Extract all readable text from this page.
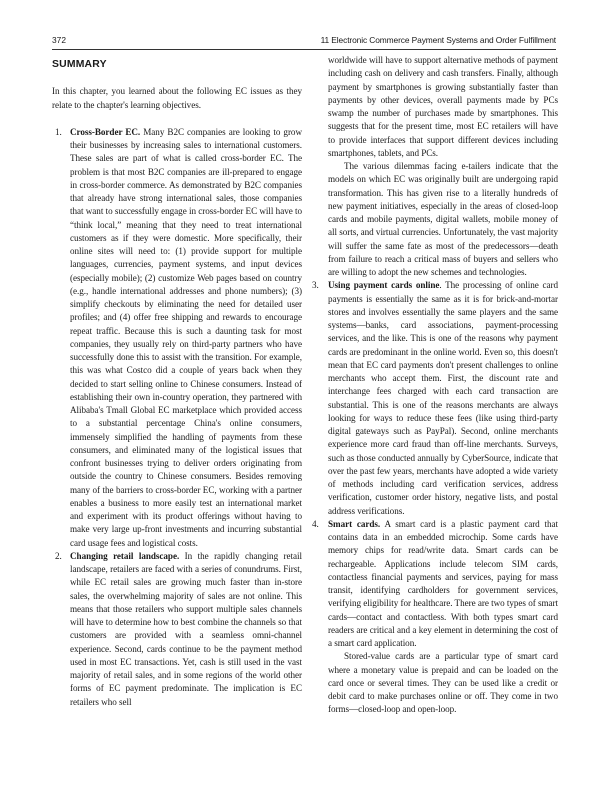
372	11 Electronic Commerce Payment Systems and Order Fulfillment
SUMMARY

In this chapter, you learned about the following EC issues as they relate to the chapter's learning objectives.

1. Cross-Border EC. Many B2C companies are looking to grow their businesses by increasing sales to international customers. These sales are part of what is called cross-border EC. The problem is that most B2C companies are ill-prepared to engage in cross-border commerce. As demonstrated by B2C companies that already have strong international sales, those companies that want to successfully engage in cross-border EC will have to “think local,” meaning that they need to treat international customers as if they were domestic. More specifically, their online sites will need to: (1) provide support for multiple languages, currencies, payment systems, and input devices (especially mobile); (2) customize Web pages based on country (e.g., handle international addresses and phone numbers); (3) simplify checkouts by eliminating the need for detailed user profiles; and (4) offer free shipping and rewards to encourage repeat traffic. Because this is such a daunting task for most companies, they usually rely on third-party partners who have successfully done this to assist with the transition. For example, this was what Costco did a couple of years back when they decided to start selling online to Chinese consumers. Instead of establishing their own in-country operation, they partnered with Alibaba's Tmall Global EC marketplace which provided access to a substantial percentage China's online consumers, immensely simplified the handling of payments from these consumers, and eliminated many of the logistical issues that confront businesses trying to deliver orders originating from outside the country to Chinese consumers. Besides removing many of the barriers to cross-border EC, working with a partner enables a business to more easily test an international market and experiment with its product offerings without having to make very large up-front investments and incurring substantial card usage fees and logistical costs.

2. Changing retail landscape. In the rapidly changing retail landscape, retailers are faced with a series of conundrums. First, while EC retail sales are growing much faster than in-store sales, the overwhelming majority of sales are not online. This means that those retailers who support multiple sales channels will have to determine how to best combine the channels so that customers are provided with a seamless omni-channel experience. Second, cards continue to be the payment method used in most EC transactions. Yet, cash is still used in the vast majority of retail sales, and in some regions of the world other forms of EC payment predominate. The implication is EC retailers who sell

worldwide will have to support alternative methods of payment including cash on delivery and cash transfers. Finally, although payment by smartphones is growing substantially faster than payments by other devices, overall payments made by PCs swamp the number of purchases made by smartphones. This suggests that for the present time, most EC retailers will have to provide interfaces that support different devices including smartphones, tablets, and PCs.

The various dilemmas facing e-tailers indicate that the models on which EC was originally built are undergoing rapid transformation. This has given rise to a literally hundreds of new payment initiatives, especially in the areas of closed-loop cards and mobile payments, digital wallets, mobile money of all sorts, and virtual currencies. Unfortunately, the vast majority will suffer the same fate as most of the predecessors—death from failure to reach a critical mass of buyers and sellers who are willing to adopt the new schemes and technologies.

3. Using payment cards online. The processing of online card payments is essentially the same as it is for brick-and-mortar stores and involves essentially the same players and the same systems—banks, card associations, payment-processing services, and the like. This is one of the reasons why payment cards are predominant in the online world. Even so, this doesn't mean that EC card payments don't present challenges to online merchants who accept them. First, the discount rate and interchange fees charged with each card transaction are substantial. This is one of the reasons merchants are always looking for ways to reduce these fees (like using third-party digital gateways such as PayPal). Second, online merchants experience more card fraud than off-line merchants. Surveys, such as those conducted annually by CyberSource, indicate that over the past few years, merchants have adopted a wide variety of methods including card verification services, address verification, customer order history, negative lists, and postal address verifications.

4. Smart cards. A smart card is a plastic payment card that contains data in an embedded microchip. Some cards have memory chips for read/write data. Smart cards can be rechargeable. Applications include telecom SIM cards, contactless financial payments and services, paying for mass transit, identifying cardholders for government services, verifying eligibility for healthcare. There are two types of smart cards—contact and contactless. With both types smart card readers are critical and a key element in determining the cost of a smart card application.

Stored-value cards are a particular type of smart card where a monetary value is prepaid and can be loaded on the card once or several times. They can be used like a credit or debit card to make purchases online or off. They come in two forms—closed-loop and open-loop.
